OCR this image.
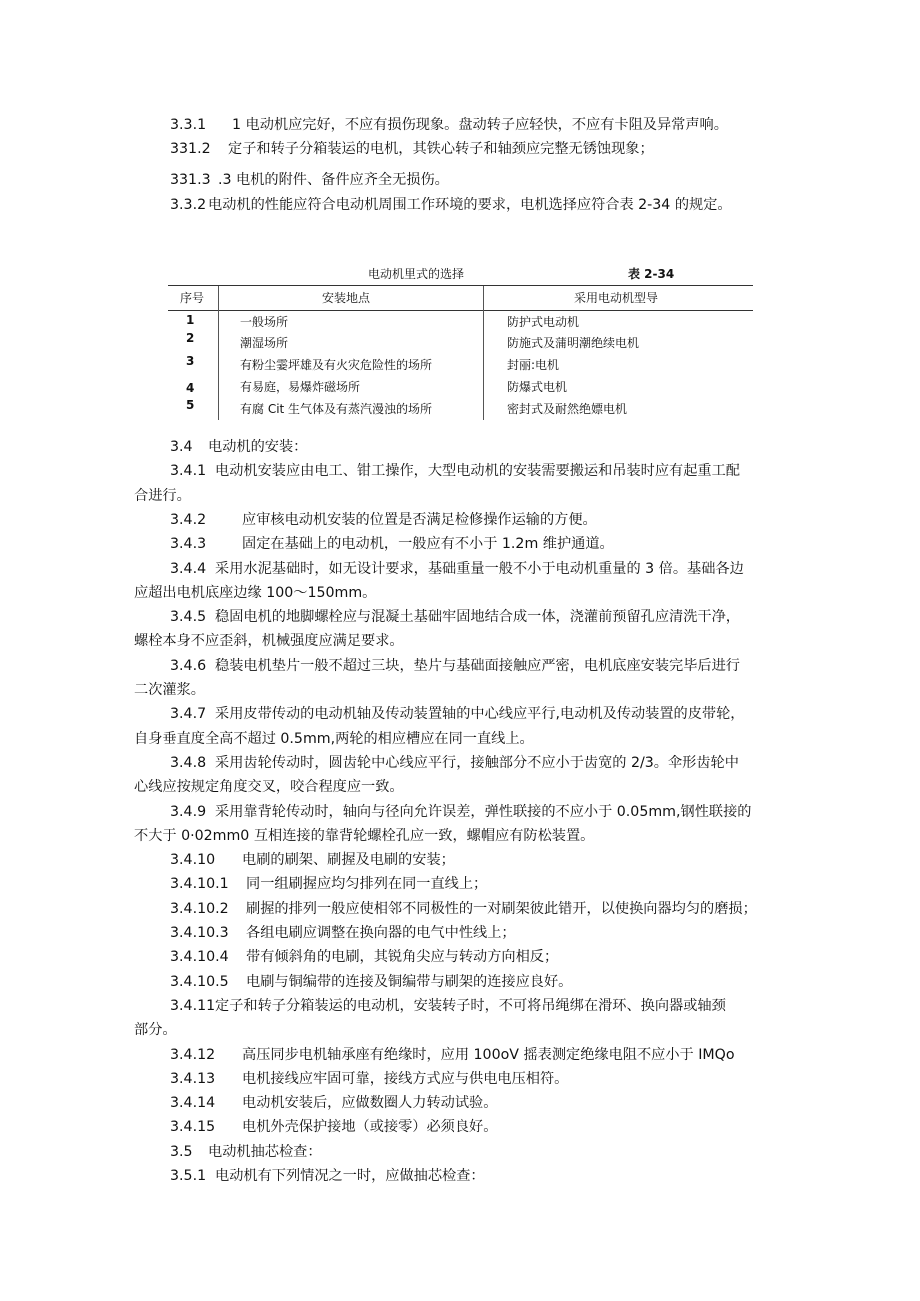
3.3.1 1 电动机应完好，不应有损伤现象。盘动转子应轻快，不应有卡阻及异常声响。
331.2 定子和转子分箱装运的电机，其铁心转子和轴颈应完整无锈蚀现象；
331.3 .3 电机的附件、备件应齐全无损伤。
3.3.2 电动机的性能应符合电动机周围工作环境的要求，电机选择应符合表 2-34 的规定。
电动机里式的选择	表 2-34
序号	安装地点	采用电动机型导
1	一般场所	防护式电动机
2	潮湿场所	防施式及蒲明潮绝续电机
3	有粉尘霎坪雄及有火灾危险性的场所	封丽:电机
4	有易庭，易爆炸磁场所	防爆式电机
5	有腐 Cit 生气体及有蒸汽漫浊的场所	密封式及耐然绝嫖电机
3.4 电动机的安装：
3.4.1 电动机安装应由电工、钳工操作，大型电动机的安装需要搬运和吊装时应有起重工配
合进行。
3.4.2	应审核电动机安装的位置是否满足检修操作运输的方便。
3.4.3	固定在基础上的电动机，一般应有不小于 1.2m 维护通道。
3.4.4 采用水泥基础时，如无设计要求，基础重量一般不小于电动机重量的 3 倍。基础各边
应超出电机底座边缘 100～150mm。
3.4.5 稳固电机的地脚螺栓应与混凝土基础牢固地结合成一体，浇灌前预留孔应清洗干净，
螺栓本身不应歪斜，机械强度应满足要求。
3.4.6 稳装电机垫片一般不超过三块，垫片与基础面接触应严密，电机底座安装完毕后进行
二次灌浆。
3.4.7 采用皮带传动的电动机轴及传动装置轴的中心线应平行,电动机及传动装置的皮带轮，
自身垂直度全高不超过 0.5mm,两轮的相应槽应在同一直线上。
3.4.8 采用齿轮传动时，圆齿轮中心线应平行，接触部分不应小于齿宽的 2/3。伞形齿轮中
心线应按规定角度交叉，咬合程度应一致。
3.4.9 采用靠背轮传动时，轴向与径向允许误差，弹性联接的不应小于 0.05mm,钢性联接的
不大于 0·02mm0 互相连接的靠背轮螺栓孔应一致，螺帽应有防松装置。
3.4.10 电刷的刷架、刷握及电刷的安装；
3.4.10.1 同一组刷握应均匀排列在同一直线上；
3.4.10.2 刷握的排列一般应使相邻不同极性的一对刷架彼此错开，以使换向器均匀的磨损；
3.4.10.3 各组电刷应调整在换向器的电气中性线上；
3.4.10.4 带有倾斜角的电刷，其锐角尖应与转动方向相反；
3.4.10.5 电刷与铜编带的连接及铜编带与刷架的连接应良好。
3.4.11定子和转子分箱装运的电动机，安装转子时，不可将吊绳绑在滑环、换向器或轴颈
部分。
3.4.12 高压同步电机轴承座有绝缘时，应用 100oV 摇表测定绝缘电阻不应小于 IMQo
3.4.13 电机接线应牢固可靠，接线方式应与供电电压相符。
3.4.14 电动机安装后，应做数圈人力转动试验。
3.4.15 电机外壳保护接地（或接零）必须良好。
3.5 电动机抽芯检查：
3.5.1 电动机有下列情况之一时，应做抽芯检查：
